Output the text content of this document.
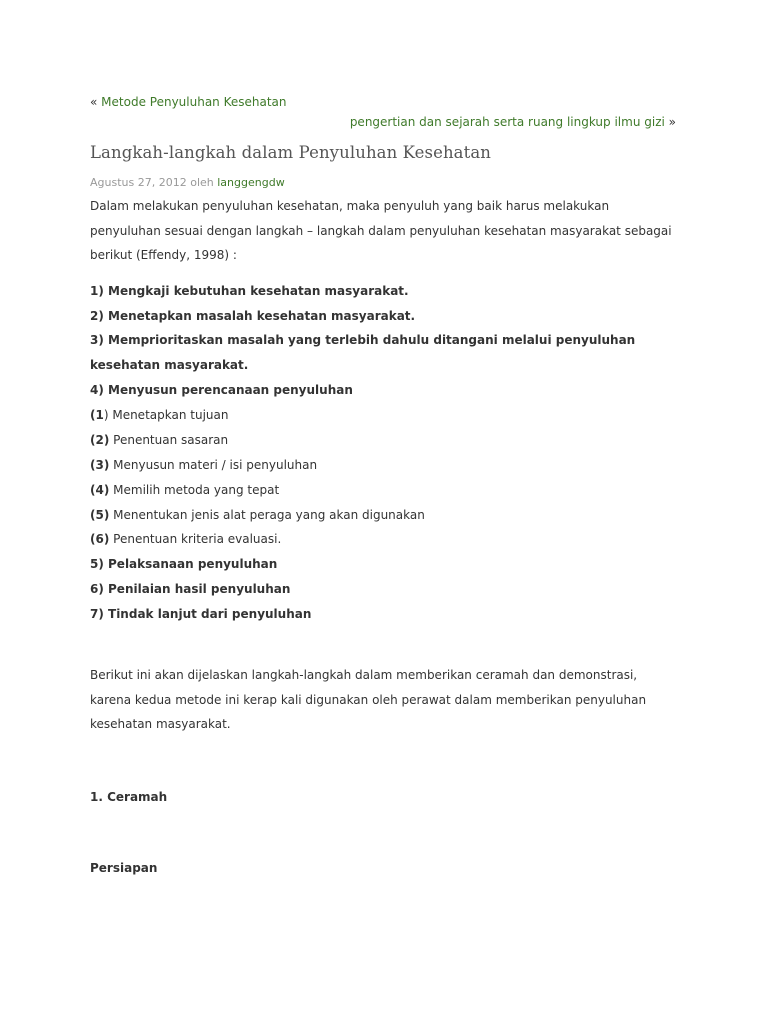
« Metode Penyuluhan Kesehatan
pengertian dan sejarah serta ruang lingkup ilmu gizi »
Langkah-langkah dalam Penyuluhan Kesehatan
Agustus 27, 2012 oleh langgengdw

Dalam melakukan penyuluhan kesehatan, maka penyuluh yang baik harus melakukan penyuluhan sesuai dengan langkah – langkah dalam penyuluhan kesehatan masyarakat sebagai berikut (Effendy, 1998) :

1) Mengkaji kebutuhan kesehatan masyarakat.
2) Menetapkan masalah kesehatan masyarakat.

3) Memprioritaskan masalah yang terlebih dahulu ditangani melalui penyuluhan kesehatan masyarakat.

4) Menyusun perencanaan penyuluhan
(1) Menetapkan tujuan
(2) Penentuan sasaran
(3) Menyusun materi / isi penyuluhan
(4) Memilih metoda yang tepat
(5) Menentukan jenis alat peraga yang akan digunakan
(6) Penentuan kriteria evaluasi.
5) Pelaksanaan penyuluhan
6) Penilaian hasil penyuluhan
7) Tindak lanjut dari penyuluhan

Berikut ini akan dijelaskan langkah-langkah dalam memberikan ceramah dan demonstrasi, karena kedua metode ini kerap kali digunakan oleh perawat dalam memberikan penyuluhan kesehatan masyarakat.

1. Ceramah
Persiapan
